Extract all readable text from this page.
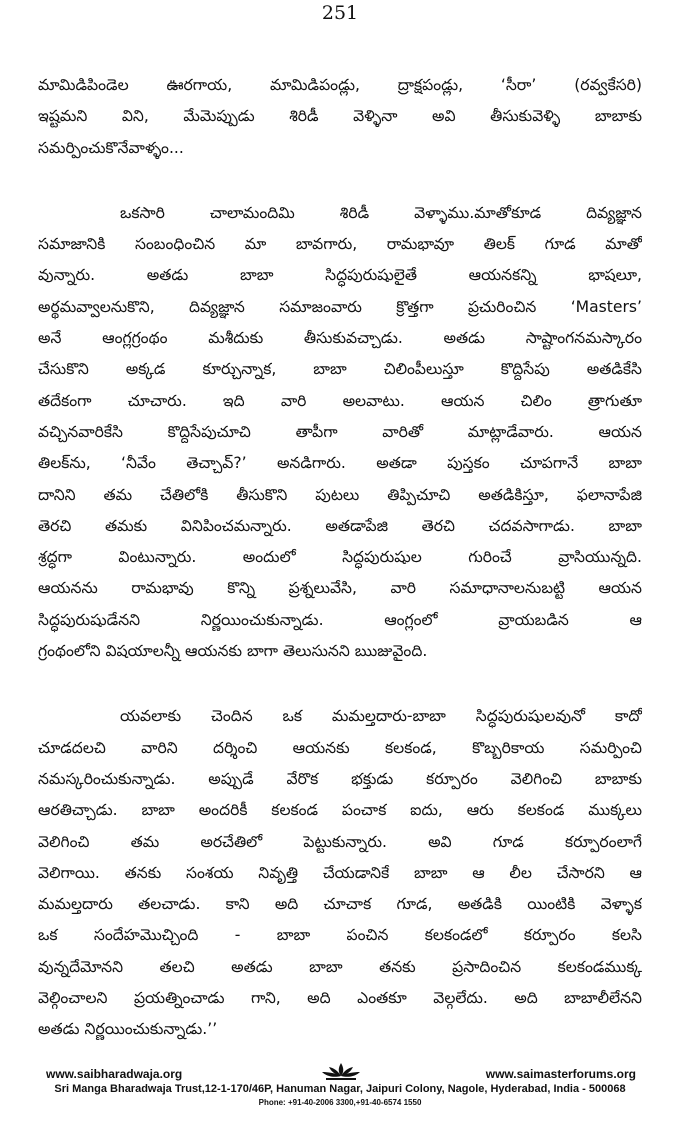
251
మామిడిపిండెల ఊరగాయ, మామిడిపండ్లు, ద్రాక్షపండ్లు, ‘సీరా’ (రవ్వకేసరి)
ఇష్టమని విని, మేమెప్పుడు శిరిడీ వెళ్ళినా అవి తీసుకువెళ్ళి బాబాకు
సమర్పించుకొనేవాళ్ళం...
ఒకసారి చాలామందిమి శిరిడీ వెళ్ళాము.మాతోకూడ దివ్యజ్ఞాన
సమాజానికి సంబంధించిన మా బావగారు, రామభావూ తిలక్ గూడ మాతో
వున్నారు. అతడు బాబా సిద్ధపురుషులైతే ఆయనకన్ని భాషలూ,
అర్థమవ్వాలనుకొని, దివ్యజ్ఞాన సమాజంవారు క్రొత్తగా ప్రచురించిన ‘Masters’
అనే ఆంగ్లగ్రంథం మశీదుకు తీసుకువచ్చాడు. అతడు సాష్టాంగనమస్కారం
చేసుకొని అక్కడ కూర్చున్నాక, బాబా చిలింపీలుస్తూ కొద్దిసేపు అతడికేసి
తదేకంగా చూచారు. ఇది వారి అలవాటు. ఆయన చిలిం త్రాగుతూ
వచ్చినవారికేసి కొద్దిసేపుచూచి తాపీగా వారితో మాట్లాడేవారు. ఆయన
తిలక్‌ను, ‘నీవేం తెచ్చావ్?’ అనడిగారు. అతడా పుస్తకం చూపగానే బాబా
దానిని తమ చేతిలోకి తీసుకొని పుటలు తిప్పిచూచి అతడికిస్తూ, ఫలానాపేజి
తెరచి తమకు వినిపించమన్నారు. అతడాపేజి తెరచి చదవసాగాడు. బాబా
శ్రద్ధగా వింటున్నారు. అందులో సిద్ధపురుషుల గురించే వ్రాసియున్నది.
ఆయనను రామభావు కొన్ని ప్రశ్నలువేసి, వారి సమాధానాలనుబట్టి ఆయన
సిద్ధపురుషుడేనని నిర్ణయించుకున్నాడు. ఆంగ్లంలో వ్రాయబడిన ఆ
గ్రంథంలోని విషయాలన్నీ ఆయనకు బాగా తెలుసునని ఋజువైంది.
యవలాకు చెందిన ఒక మమల్తదారు-బాబా సిద్ధపురుషులవునో కాదో
చూడదలచి వారిని దర్శించి ఆయనకు కలకండ, కొబ్బరికాయ సమర్పించి
నమస్కరించుకున్నాడు. అప్పుడే వేరొక భక్తుడు కర్పూరం వెలిగించి బాబాకు
ఆరతిచ్చాడు. బాబా అందరికీ కలకండ పంచాక ఐదు, ఆరు కలకండ ముక్కలు
వెలిగించి తమ అరచేతిలో పెట్టుకున్నారు. అవి గూడ కర్పూరంలాగే
వెలిగాయి. తనకు సంశయ నివృత్తి చేయడానికే బాబా ఆ లీల చేసారని ఆ
మమల్తదారు తలచాడు. కాని అది చూచాక గూడ, అతడికి యింటికి వెళ్ళాక
ఒక సందేహమొచ్చింది - బాబా పంచిన కలకండలో కర్పూరం కలసి
వున్నదేమోనని తలచి అతడు బాబా తనకు ప్రసాదించిన కలకండముక్క
వెల్గించాలని ప్రయత్నించాడు గాని, అది ఎంతకూ వెల్గలేదు. అది బాబాలీలేనని
అతడు నిర్ణయించుకున్నాడు.’’
www.saibharadwaja.org	www.saimasterforums.org
Sri Manga Bharadwaja Trust,12-1-170/46P, Hanuman Nagar, Jaipuri Colony, Nagole, Hyderabad, India - 500068
Phone: +91-40-2006 3300,+91-40-6574 1550
